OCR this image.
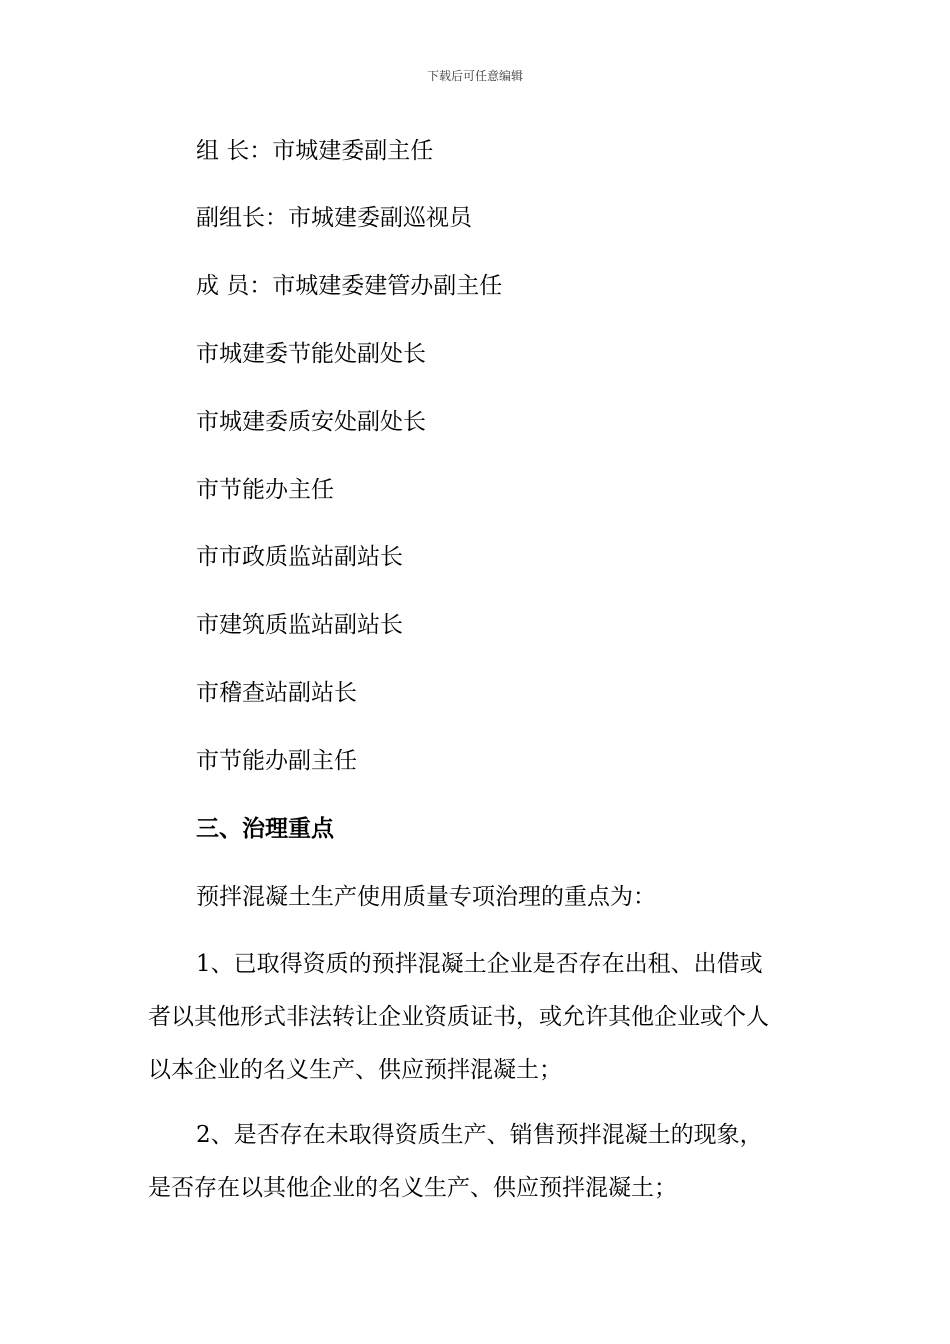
下载后可任意编辑
组 长：市城建委副主任
副组长：市城建委副巡视员
成 员：市城建委建管办副主任
市城建委节能处副处长
市城建委质安处副处长
市节能办主任
市市政质监站副站长
市建筑质监站副站长
市稽查站副站长
市节能办副主任
三、治理重点
预拌混凝土生产使用质量专项治理的重点为：
1、已取得资质的预拌混凝土企业是否存在出租、出借或
者以其他形式非法转让企业资质证书，或允许其他企业或个人
以本企业的名义生产、供应预拌混凝土；
2、是否存在未取得资质生产、销售预拌混凝土的现象，
是否存在以其他企业的名义生产、供应预拌混凝土；
